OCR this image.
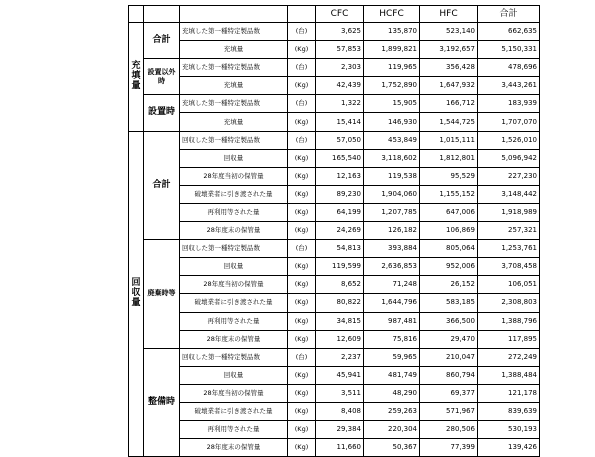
				CFC	HCFC	HFC	合計
充填量	合計	充填した第一種特定製品数	(台)	3,625	135,870	523,140	662,635
		充填量	(Kg)	57,853	1,899,821	3,192,657	5,150,331
	設置以外時	充填した第一種特定製品数	(台)	2,303	119,965	356,428	478,696
		充填量	(Kg)	42,439	1,752,890	1,647,932	3,443,261
	設置時	充填した第一種特定製品数	(台)	1,322	15,905	166,712	183,939
		充填量	(Kg)	15,414	146,930	1,544,725	1,707,070
回収量	合計	回収した第一種特定製品数	(台)	57,050	453,849	1,015,111	1,526,010
		回収量	(Kg)	165,540	3,118,602	1,812,801	5,096,942
		28年度当初の保管量	(Kg)	12,163	119,538	95,529	227,230
		破壊業者に引き渡された量	(Kg)	89,230	1,904,060	1,155,152	3,148,442
		再利用等された量	(Kg)	64,199	1,207,785	647,006	1,918,989
		28年度末の保管量	(Kg)	24,269	126,182	106,869	257,321
	廃棄時等	回収した第一種特定製品数	(台)	54,813	393,884	805,064	1,253,761
		回収量	(Kg)	119,599	2,636,853	952,006	3,708,458
		28年度当初の保管量	(Kg)	8,652	71,248	26,152	106,051
		破壊業者に引き渡された量	(Kg)	80,822	1,644,796	583,185	2,308,803
		再利用等された量	(Kg)	34,815	987,481	366,500	1,388,796
		28年度末の保管量	(Kg)	12,609	75,816	29,470	117,895
	整備時	回収した第一種特定製品数	(台)	2,237	59,965	210,047	272,249
		回収量	(Kg)	45,941	481,749	860,794	1,388,484
		28年度当初の保管量	(Kg)	3,511	48,290	69,377	121,178
		破壊業者に引き渡された量	(Kg)	8,408	259,263	571,967	839,639
		再利用等された量	(Kg)	29,384	220,304	280,506	530,193
		28年度末の保管量	(Kg)	11,660	50,367	77,399	139,426
